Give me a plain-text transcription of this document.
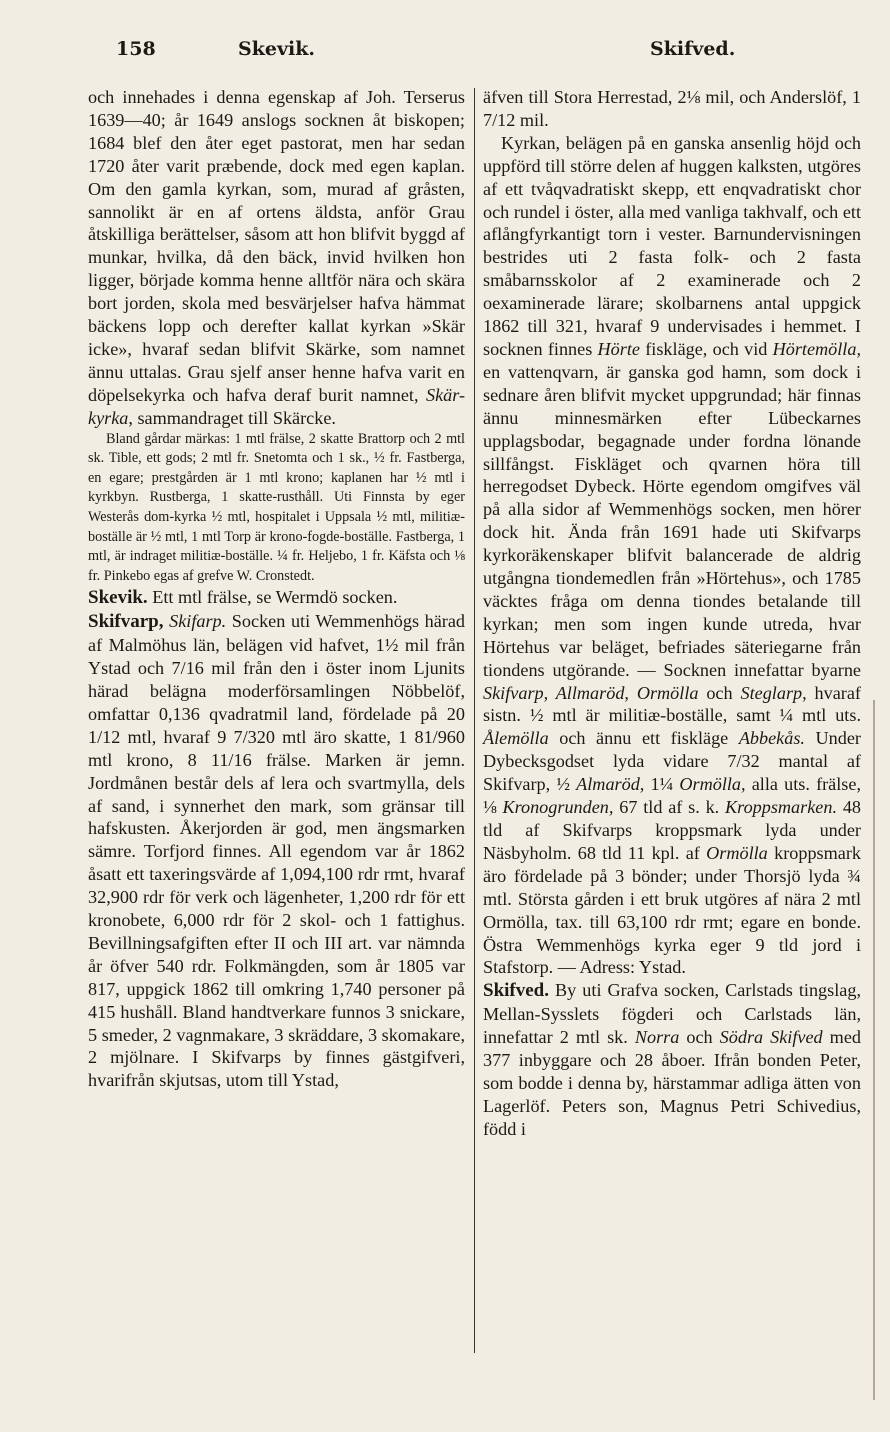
158	Skevik.	Skifved.

och innehades i denna egenskap af Joh. Terserus 1639—40; år 1649 anslogs socknen åt biskopen; 1684 blef den åter eget pastorat, men har sedan 1720 åter varit præbende, dock med egen kaplan. Om den gamla kyrkan, som, murad af gråsten, sannolikt är en af ortens äldsta, anför Grau åtskilliga berättelser, såsom att hon blifvit byggd af munkar, hvilka, då den bäck, invid hvilken hon ligger, började komma henne alltför nära och skära bort jorden, skola med besvärjelser hafva hämmat bäckens lopp och derefter kallat kyrkan »Skär icke», hvaraf sedan blifvit Skärke, som namnet ännu uttalas. Grau sjelf anser henne hafva varit en döpelsekyrka och hafva deraf burit namnet, Skär-kyrka, sammandraget till Skärcke.

Bland gårdar märkas: 1 mtl frälse, 2 skatte Brattorp och 2 mtl sk. Tible, ett gods; 2 mtl fr. Snetomta och 1 sk., ½ fr. Fastberga, en egare; prestgården är 1 mtl krono; kaplanen har ½ mtl i kyrkbyn. Rustberga, 1 skatte-rusthåll. Uti Finnsta by eger Westerås dom-kyrka ½ mtl, hospitalet i Uppsala ½ mtl, militiæ-boställe är ½ mtl, 1 mtl Torp är krono-fogde-boställe. Fastberga, 1 mtl, är indraget militiæ-boställe. ¼ fr. Heljebo, 1 fr. Käfsta och ⅛ fr. Pinkebo egas af grefve W. Cronstedt.

Skevik. Ett mtl frälse, se Wermdö socken.

Skifvarp, Skifarp. Socken uti Wemmenhögs härad af Malmöhus län, belägen vid hafvet, 1½ mil från Ystad och 7/16 mil från den i öster inom Ljunits härad belägna moderförsamlingen Nöbbelöf, omfattar 0,136 qvadratmil land, fördelade på 20 1/12 mtl, hvaraf 9 7/320 mtl äro skatte, 1 81/960 mtl krono, 8 11/16 frälse. Marken är jemn. Jordmånen består dels af lera och svartmylla, dels af sand, i synnerhet den mark, som gränsar till hafskusten. Åkerjorden är god, men ängsmarken sämre. Torfjord finnes. All egendom var år 1862 åsatt ett taxeringsvärde af 1,094,100 rdr rmt, hvaraf 32,900 rdr för verk och lägenheter, 1,200 rdr för ett kronobete, 6,000 rdr för 2 skol- och 1 fattighus. Bevillningsafgiften efter II och III art. var nämnda år öfver 540 rdr. Folkmängden, som år 1805 var 817, uppgick 1862 till omkring 1,740 personer på 415 hushåll. Bland handtverkare funnos 3 snickare, 5 smeder, 2 vagnmakare, 3 skräddare, 3 skomakare, 2 mjölnare. I Skifvarps by finnes gästgifveri, hvarifrån skjutsas, utom till Ystad,

äfven till Stora Herrestad, 2⅛ mil, och Anderslöf, 1 7/12 mil.

Kyrkan, belägen på en ganska ansenlig höjd och uppförd till större delen af huggen kalksten, utgöres af ett tvåqvadratiskt skepp, ett enqvadratiskt chor och rundel i öster, alla med vanliga takhvalf, och ett aflångfyrkantigt torn i vester. Barnundervisningen bestrides uti 2 fasta folk- och 2 fasta småbarnsskolor af 2 examinerade och 2 oexaminerade lärare; skolbarnens antal uppgick 1862 till 321, hvaraf 9 undervisades i hemmet. I socknen finnes Hörte fiskläge, och vid Hörtemölla, en vattenqvarn, är ganska god hamn, som dock i sednare åren blifvit mycket uppgrundad; här finnas ännu minnesmärken efter Lübeckarnes upplagsbodar, begagnade under fordna lönande sillfångst. Fiskläget och qvarnen höra till herregodset Dybeck. Hörte egendom omgifves väl på alla sidor af Wemmenhögs socken, men hörer dock hit. Ända från 1691 hade uti Skifvarps kyrkoräkenskaper blifvit balancerade de aldrig utgångna tiondemedlen från »Hörtehus», och 1785 väcktes fråga om denna tiondes betalande till kyrkan; men som ingen kunde utreda, hvar Hörtehus var beläget, befriades säteriegarne från tiondens utgörande. — Socknen innefattar byarne Skifvarp, Allmaröd, Ormölla och Steglarp, hvaraf sistn. ½ mtl är militiæ-boställe, samt ¼ mtl uts. Ålemölla och ännu ett fiskläge Abbekås. Under Dybecksgodset lyda vidare 7/32 mantal af Skifvarp, ½ Almaröd, 1¼ Ormölla, alla uts. frälse, ⅛ Kronogrunden, 67 tld af s. k. Kroppsmarken. 48 tld af Skifvarps kroppsmark lyda under Näsbyholm. 68 tld 11 kpl. af Ormölla kroppsmark äro fördelade på 3 bönder; under Thorsjö lyda ¾ mtl. Största gården i ett bruk utgöres af nära 2 mtl Ormölla, tax. till 63,100 rdr rmt; egare en bonde. Östra Wemmenhögs kyrka eger 9 tld jord i Stafstorp. — Adress: Ystad.

Skifved. By uti Grafva socken, Carlstads tingslag, Mellan-Sysslets fögderi och Carlstads län, innefattar 2 mtl sk. Norra och Södra Skifved med 377 inbyggare och 28 åboer. Ifrån bonden Peter, som bodde i denna by, härstammar adliga ätten von Lagerlöf. Peters son, Magnus Petri Schivedius, född i
